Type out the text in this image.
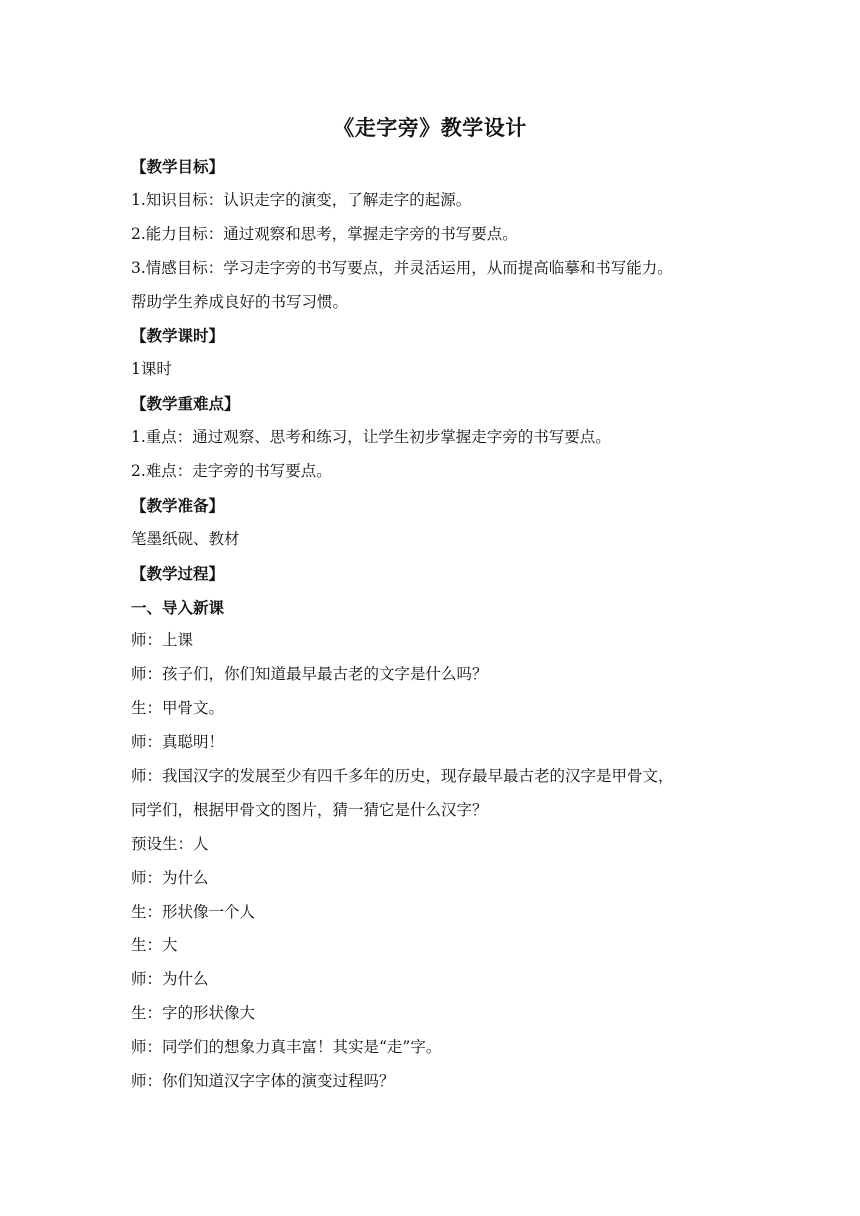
《走字旁》教学设计
【教学目标】
1.知识目标：认识走字的演变，了解走字的起源。
2.能力目标：通过观察和思考，掌握走字旁的书写要点。
3.情感目标：学习走字旁的书写要点，并灵活运用，从而提高临摹和书写能力。
帮助学生养成良好的书写习惯。
【教学课时】
1课时
【教学重难点】
1.重点：通过观察、思考和练习，让学生初步掌握走字旁的书写要点。
2.难点：走字旁的书写要点。
【教学准备】
笔墨纸砚、教材
【教学过程】
一、导入新课
师：上课
师：孩子们，你们知道最早最古老的文字是什么吗？
生：甲骨文。
师：真聪明！
师：我国汉字的发展至少有四千多年的历史，现存最早最古老的汉字是甲骨文，
同学们，根据甲骨文的图片，猜一猜它是什么汉字？
预设生：人
师：为什么
生：形状像一个人
生：大
师：为什么
生：字的形状像大
师：同学们的想象力真丰富！其实是“走”字。
师：你们知道汉字字体的演变过程吗？
